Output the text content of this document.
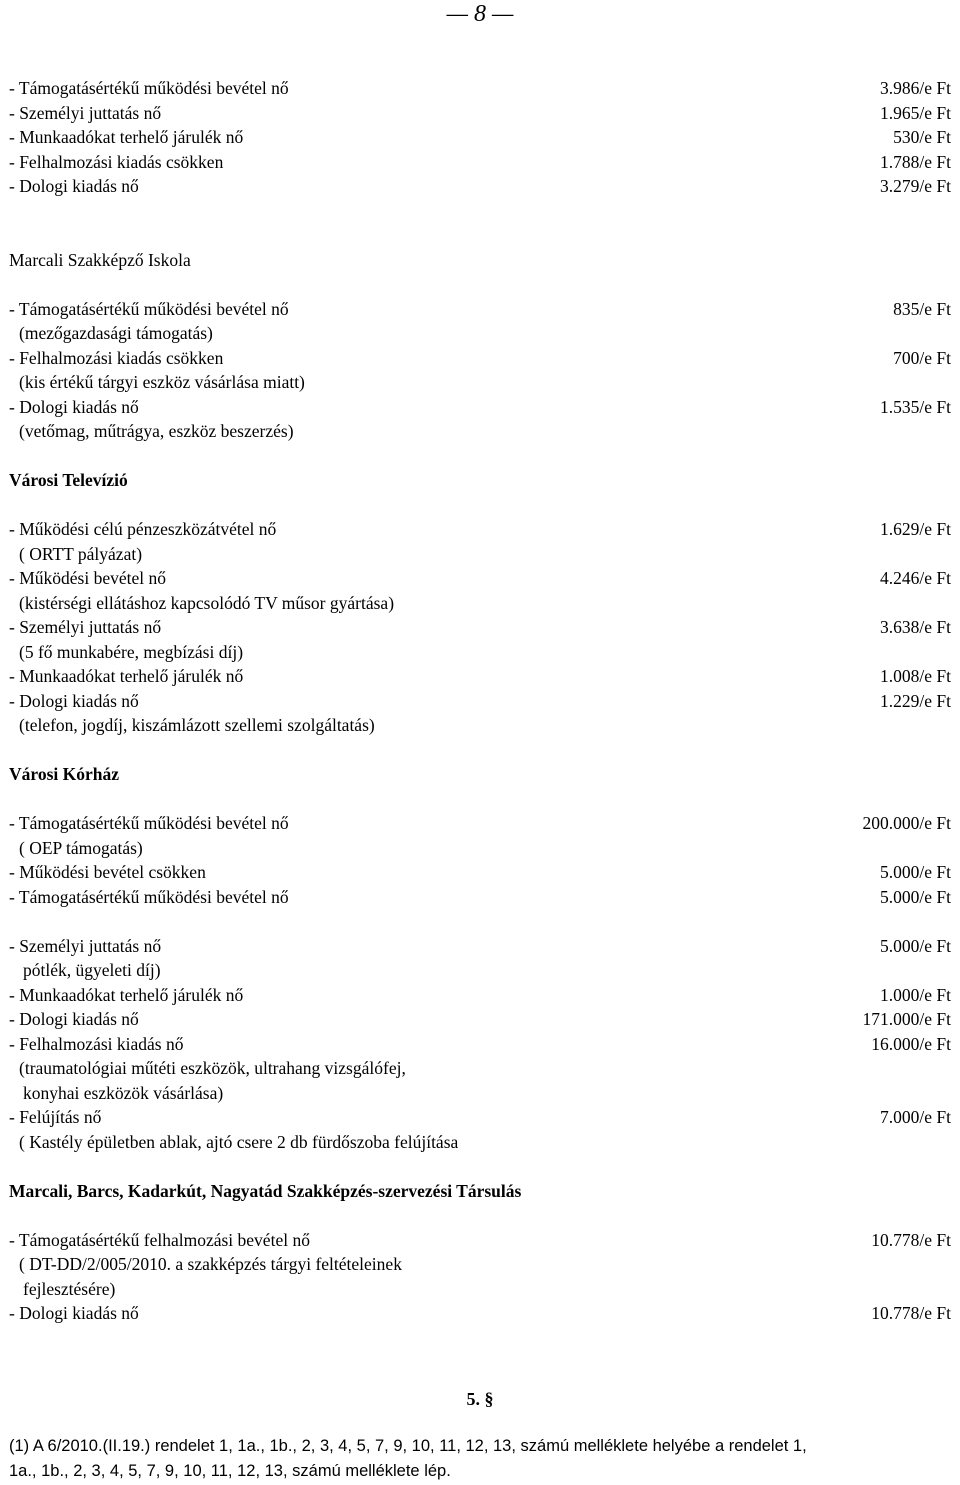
— 8 —
- Támogatásértékű működési bevétel nő	3.986/e Ft
- Személyi juttatás nő	1.965/e Ft
- Munkaadókat terhelő járulék nő	530/e Ft
- Felhalmozási kiadás csökken	1.788/e Ft
- Dologi kiadás nő	3.279/e Ft
Marcali Szakképző Iskola
- Támogatásértékű működési bevétel nő	835/e Ft
(mezőgazdasági támogatás)
- Felhalmozási kiadás csökken	700/e Ft
(kis értékű tárgyi eszköz vásárlása miatt)
- Dologi kiadás nő	1.535/e Ft
(vetőmag, műtrágya, eszköz beszerzés)
Városi Televízió
- Működési célú pénzeszközátvétel nő	1.629/e Ft
( ORTT pályázat)
- Működési bevétel nő	4.246/e Ft
(kistérségi ellátáshoz kapcsolódó TV műsor gyártása)
- Személyi juttatás nő	3.638/e Ft
(5 fő munkabére, megbízási díj)
- Munkaadókat terhelő járulék nő	1.008/e Ft
- Dologi kiadás nő	1.229/e Ft
(telefon, jogdíj, kiszámlázott szellemi szolgáltatás)
Városi Kórház
- Támogatásértékű működési bevétel nő	200.000/e Ft
( OEP támogatás)
- Működési bevétel csökken	5.000/e Ft
- Támogatásértékű működési bevétel nő	5.000/e Ft
- Személyi juttatás nő	5.000/e Ft
pótlék, ügyeleti díj)
- Munkaadókat terhelő járulék nő	1.000/e Ft
- Dologi kiadás nő	171.000/e Ft
- Felhalmozási kiadás nő	16.000/e Ft
(traumatológiai műtéti eszközök, ultrahang vizsgálófej,
konyhai eszközök vásárlása)
- Felújítás nő	7.000/e Ft
( Kastély épületben ablak, ajtó csere 2 db fürdőszoba felújítása
Marcali, Barcs, Kadarkút, Nagyatád Szakképzés-szervezési Társulás
- Támogatásértékű felhalmozási bevétel nő	10.778/e Ft
( DT-DD/2/005/2010. a szakképzés tárgyi feltételeinek
fejlesztésére)
- Dologi kiadás nő	10.778/e Ft
5. §
(1) A 6/2010.(II.19.) rendelet 1, 1a., 1b., 2, 3, 4, 5, 7, 9, 10, 11, 12, 13, számú melléklete helyébe a rendelet 1,
1a., 1b., 2, 3, 4, 5, 7, 9, 10, 11, 12, 13, számú melléklete lép.
